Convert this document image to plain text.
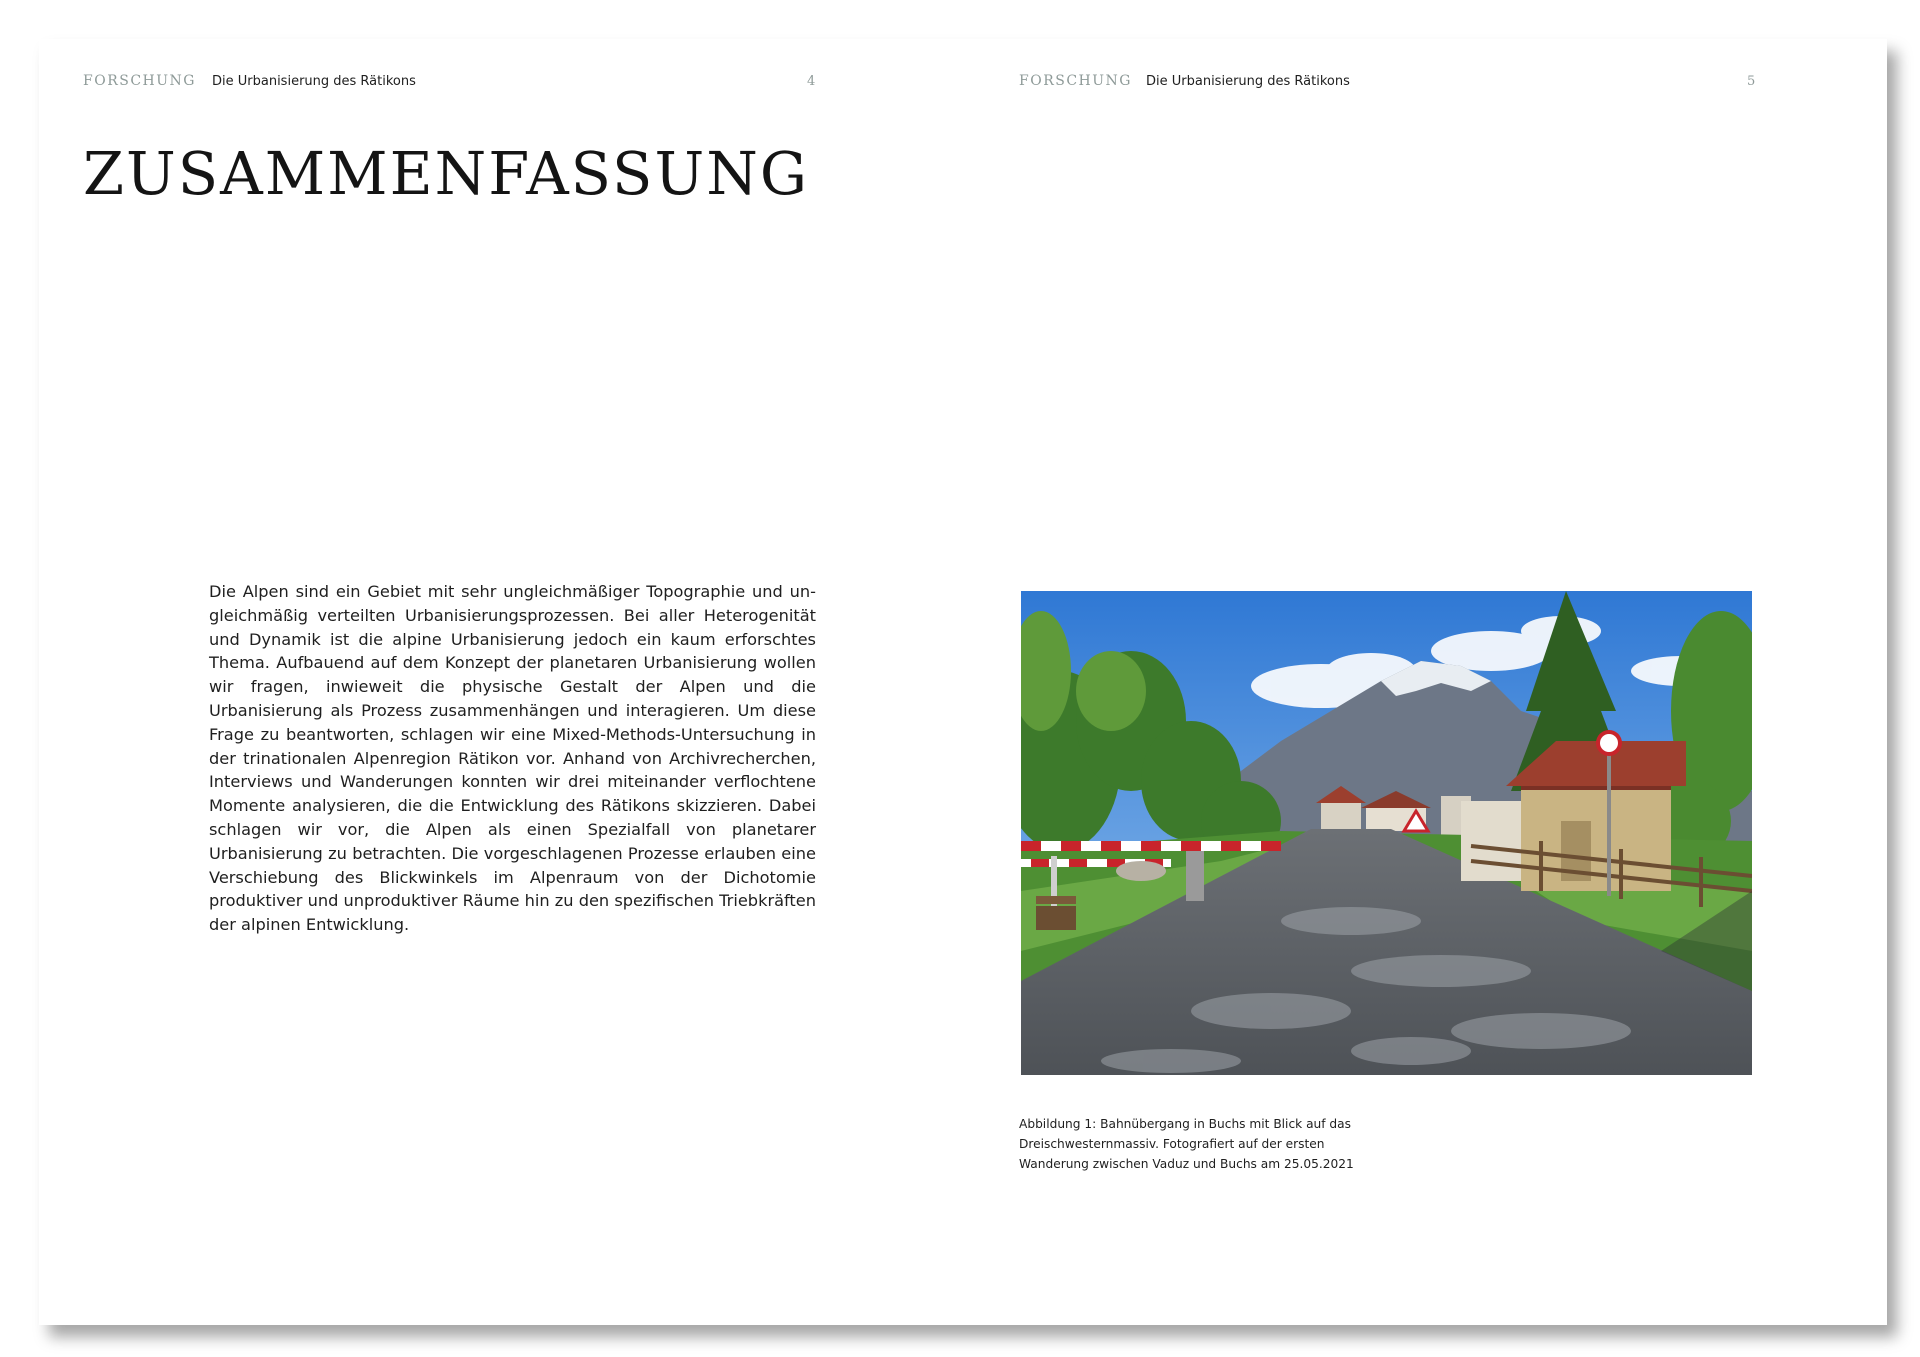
FORSCHUNG Die Urbanisierung des Rätikons	4
ZUSAMMENFASSUNG

Die Alpen sind ein Gebiet mit sehr ungleichmäßiger Topographie und ungleichmäßig verteilten Urbanisierungsprozessen. Bei aller Heterogenität und Dynamik ist die alpine Urbanisierung jedoch ein kaum erforschtes Thema. Aufbauend auf dem Konzept der planetaren Urbanisierung wollen wir fragen, inwieweit die physische Gestalt der Alpen und die Urbanisierung als Prozess zusammenhängen und interagieren. Um diese Frage zu beantworten, schlagen wir eine Mixed-Methods-Untersuchung in der trinationalen Alpenregion Rätikon vor. Anhand von Archivrecherchen, Interviews und Wanderungen konnten wir drei miteinander verflochtene Momente analysieren, die die Entwicklung des Rätikons skizzieren. Dabei schlagen wir vor, die Alpen als einen Spezialfall von planetarer Urbanisierung zu betrachten. Die vorgeschlagenen Prozesse erlauben eine Verschiebung des Blickwinkels im Alpenraum von der Dichotomie produktiver und unproduktiver Räume hin zu den spezifischen Triebkräften der alpinen Entwicklung.

FORSCHUNG Die Urbanisierung des Rätikons	5
Abbildung 1: Bahnübergang in Buchs mit Blick auf das
Dreischwesternmassiv. Fotografiert auf der ersten
Wanderung zwischen Vaduz und Buchs am 25.05.2021
